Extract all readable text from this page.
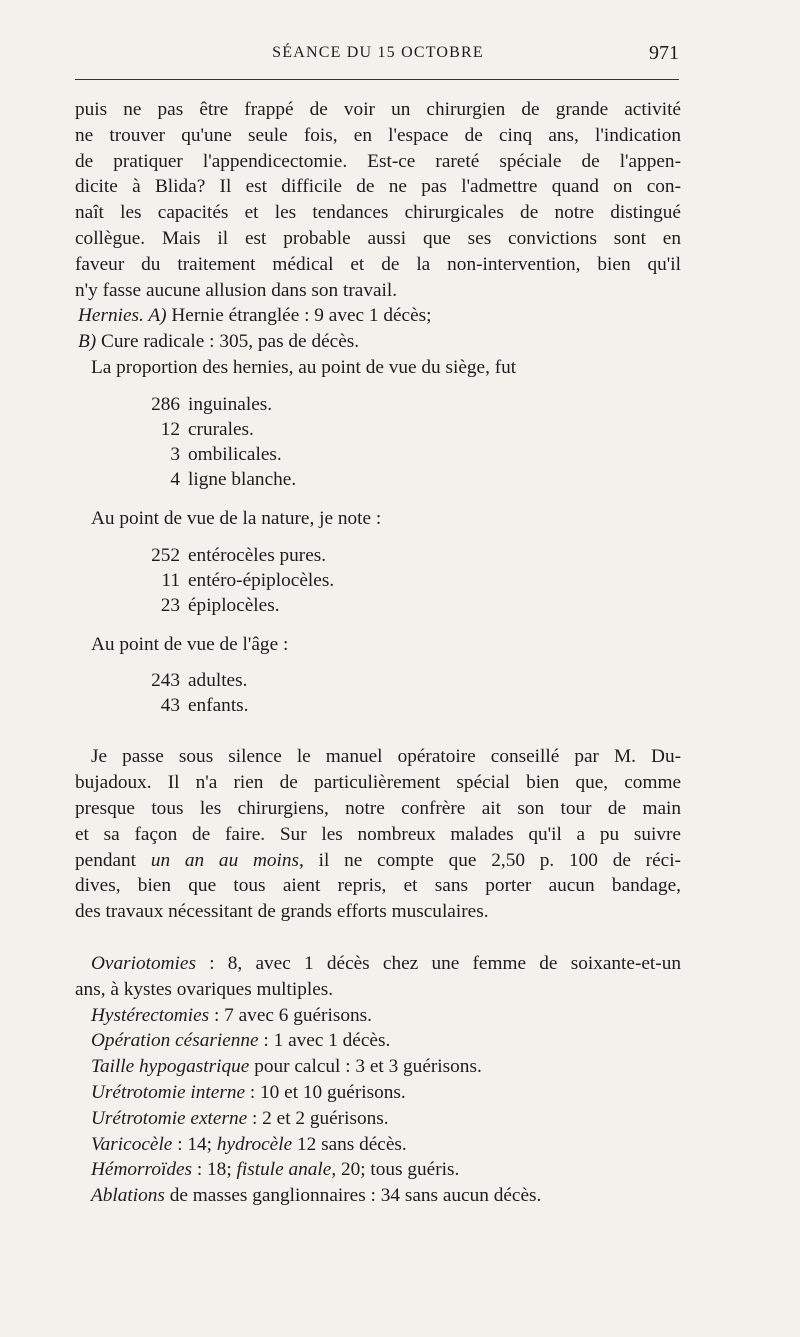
SÉANCE DU 15 OCTOBRE	971
puis ne pas être frappé de voir un chirurgien de grande activité
ne trouver qu'une seule fois, en l'espace de cinq ans, l'indication
de pratiquer l'appendicectomie. Est-ce rareté spéciale de l'appen-
dicite à Blida? Il est difficile de ne pas l'admettre quand on con-
naît les capacités et les tendances chirurgicales de notre distingué
collègue. Mais il est probable aussi que ses convictions sont en
faveur du traitement médical et de la non-intervention, bien qu'il
n'y fasse aucune allusion dans son travail.
Hernies. A) Hernie étranglée : 9 avec 1 décès;
B) Cure radicale : 305, pas de décès.
La proportion des hernies, au point de vue du siège, fut
286 inguinales.
12 crurales.
3 ombilicales.
4 ligne blanche.
Au point de vue de la nature, je note :
252 entérocèles pures.
11 entéro-épiplocèles.
23 épiplocèles.
Au point de vue de l'âge :
243 adultes.
43 enfants.
Je passe sous silence le manuel opératoire conseillé par M. Du-
bujadoux. Il n'a rien de particulièrement spécial bien que, comme
presque tous les chirurgiens, notre confrère ait son tour de main
et sa façon de faire. Sur les nombreux malades qu'il a pu suivre
pendant un an au moins, il ne compte que 2,50 p. 100 de réci-
dives, bien que tous aient repris, et sans porter aucun bandage,
des travaux nécessitant de grands efforts musculaires.
Ovariotomies : 8, avec 1 décès chez une femme de soixante-et-un
ans, à kystes ovariques multiples.
Hystérectomies : 7 avec 6 guérisons.
Opération césarienne : 1 avec 1 décès.
Taille hypogastrique pour calcul : 3 et 3 guérisons.
Urétrotomie interne : 10 et 10 guérisons.
Urétrotomie externe : 2 et 2 guérisons.
Varicocèle : 14; hydrocèle 12 sans décès.
Hémorroïdes : 18; fistule anale, 20; tous guéris.
Ablations de masses ganglionnaires : 34 sans aucun décès.
